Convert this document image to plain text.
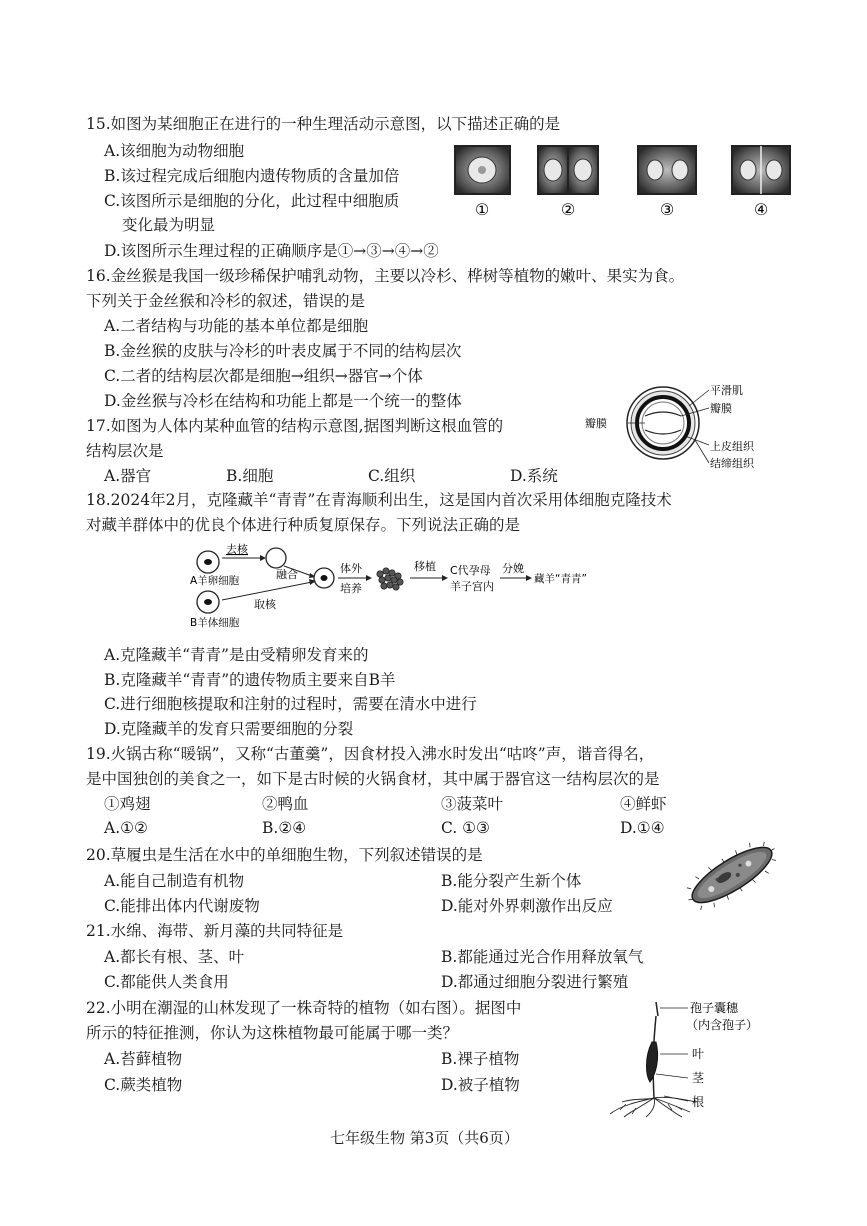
15.如图为某细胞正在进行的一种生理活动示意图，以下描述正确的是
A.该细胞为动物细胞
B.该过程完成后细胞内遗传物质的含量加倍
C.该图所示是细胞的分化，此过程中细胞质
变化最为明显
D.该图所示生理过程的正确顺序是①→③→④→②
①	②	③	④
16.金丝猴是我国一级珍稀保护哺乳动物，主要以冷杉、桦树等植物的嫩叶、果实为食。
下列关于金丝猴和冷杉的叙述，错误的是
A.二者结构与功能的基本单位都是细胞
B.金丝猴的皮肤与冷杉的叶表皮属于不同的结构层次
C.二者的结构层次都是细胞→组织→器官→个体
D.金丝猴与冷杉在结构和功能上都是一个统一的整体
17.如图为人体内某种血管的结构示意图,据图判断这根血管的
结构层次是
A.器官	B.细胞	C.组织	D.系统
平滑肌
瓣膜
瓣膜
上皮组织
结缔组织
18.2024年2月，克隆藏羊“青青”在青海顺利出生，这是国内首次采用体细胞克隆技术
对藏羊群体中的优良个体进行种质复原保存。下列说法正确的是
A羊卵细胞
去核
融合
B羊体细胞
取核
体外
培养
移植 C代孕母
羊子宫内
分娩
藏羊“青青”
A.克隆藏羊“青青”是由受精卵发育来的
B.克隆藏羊“青青”的遗传物质主要来自B羊
C.进行细胞核提取和注射的过程时，需要在清水中进行
D.克隆藏羊的发育只需要细胞的分裂
19.火锅古称“暖锅”，又称“古董羹”，因食材投入沸水时发出“咕咚”声，谐音得名，
是中国独创的美食之一，如下是古时候的火锅食材，其中属于器官这一结构层次的是
①鸡翅	②鸭血	③菠菜叶	④鲜虾
A.①②	B.②④	C. ①③	D.①④
20.草履虫是生活在水中的单细胞生物，下列叙述错误的是
A.能自己制造有机物	B.能分裂产生新个体
C.能排出体内代谢废物	D.能对外界刺激作出反应
21.水绵、海带、新月藻的共同特征是
A.都长有根、茎、叶	B.都能通过光合作用释放氧气
C.都能供人类食用	D.都通过细胞分裂进行繁殖
22.小明在潮湿的山林发现了一株奇特的植物（如右图）。据图中
所示的特征推测，你认为这株植物最可能属于哪一类？
A.苔藓植物	B.裸子植物
C.蕨类植物	D.被子植物
孢子囊穗
（内含孢子）
叶
茎
根
七年级生物 第3页（共6页）
